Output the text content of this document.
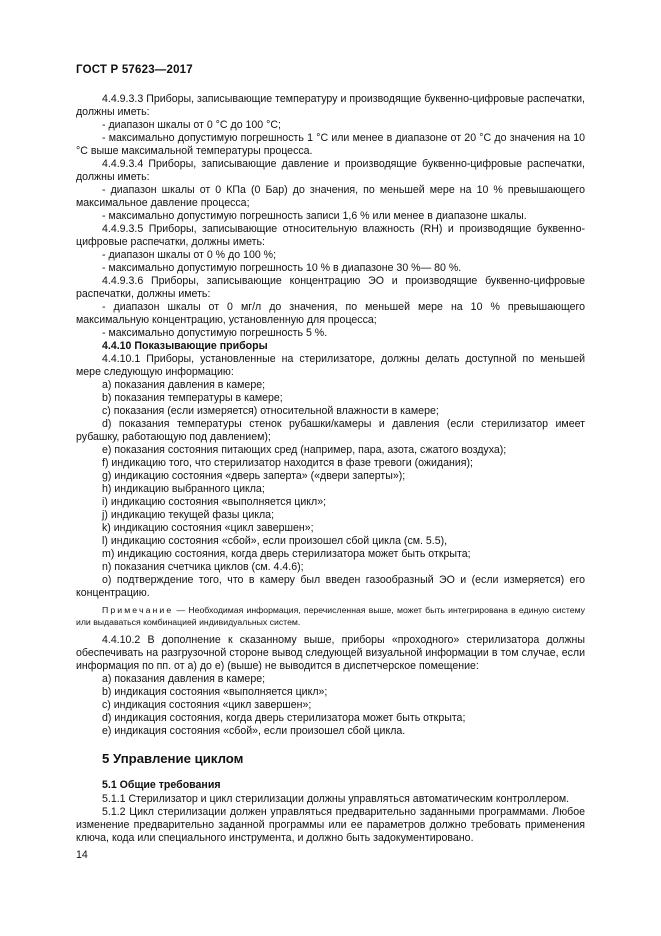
ГОСТ Р 57623—2017

4.4.9.3.3 Приборы, записывающие температуру и производящие буквенно-цифровые распечатки, должны иметь:

- диапазон шкалы от 0 °С до 100 °С;

- максимально допустимую погрешность 1 °С или менее в диапазоне от 20 °С до значения на 10 °С выше максимальной температуры процесса.

4.4.9.3.4 Приборы, записывающие давление и производящие буквенно-цифровые распечатки, должны иметь:

- диапазон шкалы от 0 КПа (0 Бар) до значения, по меньшей мере на 10 % превышающего максимальное давление процесса;

- максимально допустимую погрешность записи 1,6 % или менее в диапазоне шкалы.

4.4.9.3.5 Приборы, записывающие относительную влажность (RH) и производящие буквенно-цифровые распечатки, должны иметь:

- диапазон шкалы от 0 % до 100 %;

- максимально допустимую погрешность 10 % в диапазоне 30 %— 80 %.

4.4.9.3.6 Приборы, записывающие концентрацию ЭО и производящие буквенно-цифровые распечатки, должны иметь:

- диапазон шкалы от 0 мг/л до значения, по меньшей мере на 10 % превышающего максимальную концентрацию, установленную для процесса;

- максимально допустимую погрешность 5 %.

4.4.10 Показывающие приборы

4.4.10.1 Приборы, установленные на стерилизаторе, должны делать доступной по меньшей мере следующую информацию:

a) показания давления в камере;

b) показания температуры в камере;

c) показания (если измеряется) относительной влажности в камере;

d) показания температуры стенок рубашки/камеры и давления (если стерилизатор имеет рубашку, работающую под давлением);

e) показания состояния питающих сред (например, пара, азота, сжатого воздуха);

f) индикацию того, что стерилизатор находится в фазе тревоги (ожидания);

g) индикацию состояния «дверь заперта» («двери заперты»);

h) индикацию выбранного цикла;

i) индикацию состояния «выполняется цикл»;

j) индикацию текущей фазы цикла;

k) индикацию состояния «цикл завершен»;

l) индикацию состояния «сбой», если произошел сбой цикла (см. 5.5),

m) индикацию состояния, когда дверь стерилизатора может быть открыта;

n) показания счетчика циклов (см. 4.4.6);

o) подтверждение того, что в камеру был введен газообразный ЭО и (если измеряется) его концентрацию.

Примечание — Необходимая информация, перечисленная выше, может быть интегрирована в единую систему или выдаваться комбинацией индивидуальных систем.

4.4.10.2 В дополнение к сказанному выше, приборы «проходного» стерилизатора должны обеспечивать на разгрузочной стороне вывод следующей визуальной информации в том случае, если информация по пп. от а) до е) (выше) не выводится в диспетчерское помещение:

a) показания давления в камере;

b) индикация состояния «выполняется цикл»;

c) индикация состояния «цикл завершен»;

d) индикация состояния, когда дверь стерилизатора может быть открыта;

e) индикация состояния «сбой», если произошел сбой цикла.

5 Управление циклом

5.1 Общие требования

5.1.1 Стерилизатор и цикл стерилизации должны управляться автоматическим контроллером.

5.1.2 Цикл стерилизации должен управляться предварительно заданными программами. Любое изменение предварительно заданной программы или ее параметров должно требовать применения ключа, кода или специального инструмента, и должно быть задокументировано.

14
